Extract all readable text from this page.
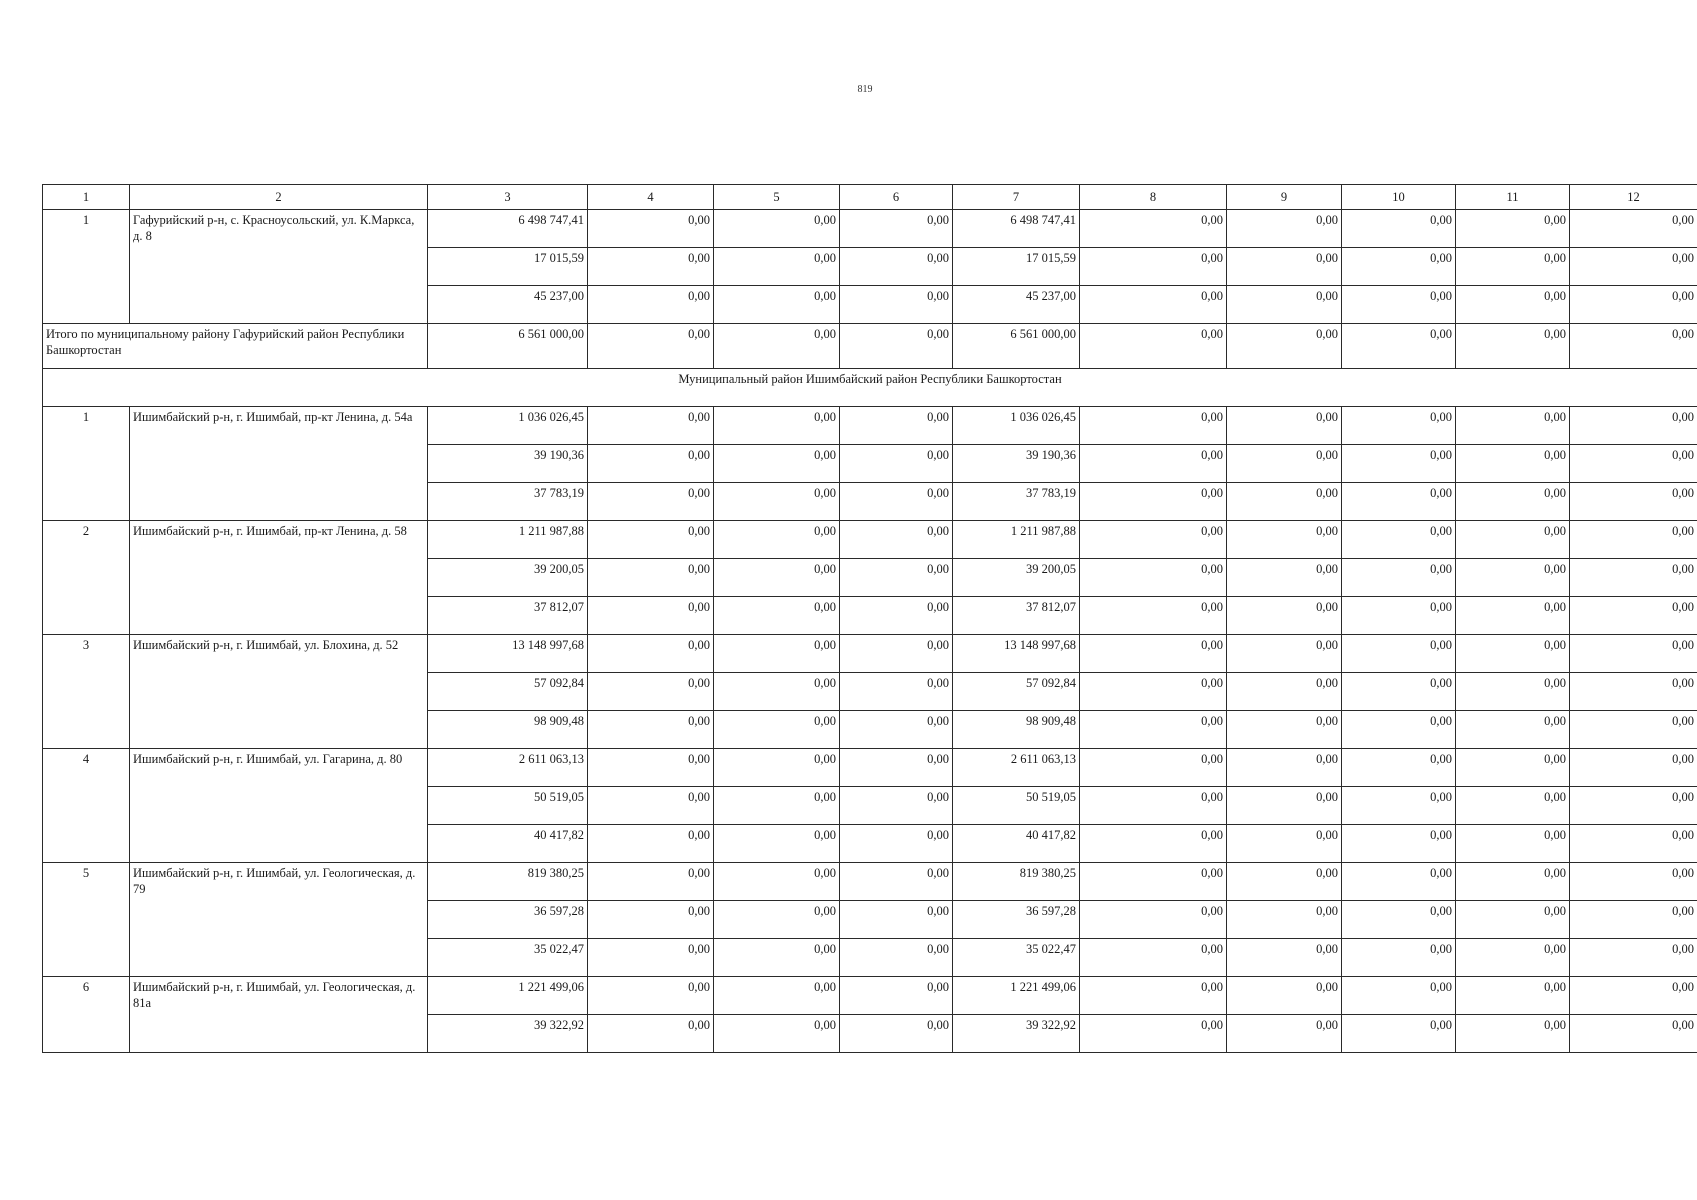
819
1	2	3	4	5	6	7	8	9	10	11	12
1	Гафурийский р-н, с. Красноусольский, ул. К.Маркса, д. 8	6 498 747,41	0,00	0,00	0,00	6 498 747,41	0,00	0,00	0,00	0,00	0,00
		17 015,59	0,00	0,00	0,00	17 015,59	0,00	0,00	0,00	0,00	0,00
		45 237,00	0,00	0,00	0,00	45 237,00	0,00	0,00	0,00	0,00	0,00
Итого по муниципальному району Гафурийский район Республики Башкортостан		6 561 000,00	0,00	0,00	0,00	6 561 000,00	0,00	0,00	0,00	0,00	0,00
Муниципальный район Ишимбайский район Республики Башкортостан											
1	Ишимбайский р-н, г. Ишимбай, пр-кт Ленина, д. 54а	1 036 026,45	0,00	0,00	0,00	1 036 026,45	0,00	0,00	0,00	0,00	0,00
		39 190,36	0,00	0,00	0,00	39 190,36	0,00	0,00	0,00	0,00	0,00
		37 783,19	0,00	0,00	0,00	37 783,19	0,00	0,00	0,00	0,00	0,00
2	Ишимбайский р-н, г. Ишимбай, пр-кт Ленина, д. 58	1 211 987,88	0,00	0,00	0,00	1 211 987,88	0,00	0,00	0,00	0,00	0,00
		39 200,05	0,00	0,00	0,00	39 200,05	0,00	0,00	0,00	0,00	0,00
		37 812,07	0,00	0,00	0,00	37 812,07	0,00	0,00	0,00	0,00	0,00
3	Ишимбайский р-н, г. Ишимбай, ул. Блохина, д. 52	13 148 997,68	0,00	0,00	0,00	13 148 997,68	0,00	0,00	0,00	0,00	0,00
		57 092,84	0,00	0,00	0,00	57 092,84	0,00	0,00	0,00	0,00	0,00
		98 909,48	0,00	0,00	0,00	98 909,48	0,00	0,00	0,00	0,00	0,00
4	Ишимбайский р-н, г. Ишимбай, ул. Гагарина, д. 80	2 611 063,13	0,00	0,00	0,00	2 611 063,13	0,00	0,00	0,00	0,00	0,00
		50 519,05	0,00	0,00	0,00	50 519,05	0,00	0,00	0,00	0,00	0,00
		40 417,82	0,00	0,00	0,00	40 417,82	0,00	0,00	0,00	0,00	0,00
5	Ишимбайский р-н, г. Ишимбай, ул. Геологическая, д. 79	819 380,25	0,00	0,00	0,00	819 380,25	0,00	0,00	0,00	0,00	0,00
		36 597,28	0,00	0,00	0,00	36 597,28	0,00	0,00	0,00	0,00	0,00
		35 022,47	0,00	0,00	0,00	35 022,47	0,00	0,00	0,00	0,00	0,00
6	Ишимбайский р-н, г. Ишимбай, ул. Геологическая, д. 81а	1 221 499,06	0,00	0,00	0,00	1 221 499,06	0,00	0,00	0,00	0,00	0,00
		39 322,92	0,00	0,00	0,00	39 322,92	0,00	0,00	0,00	0,00	0,00
